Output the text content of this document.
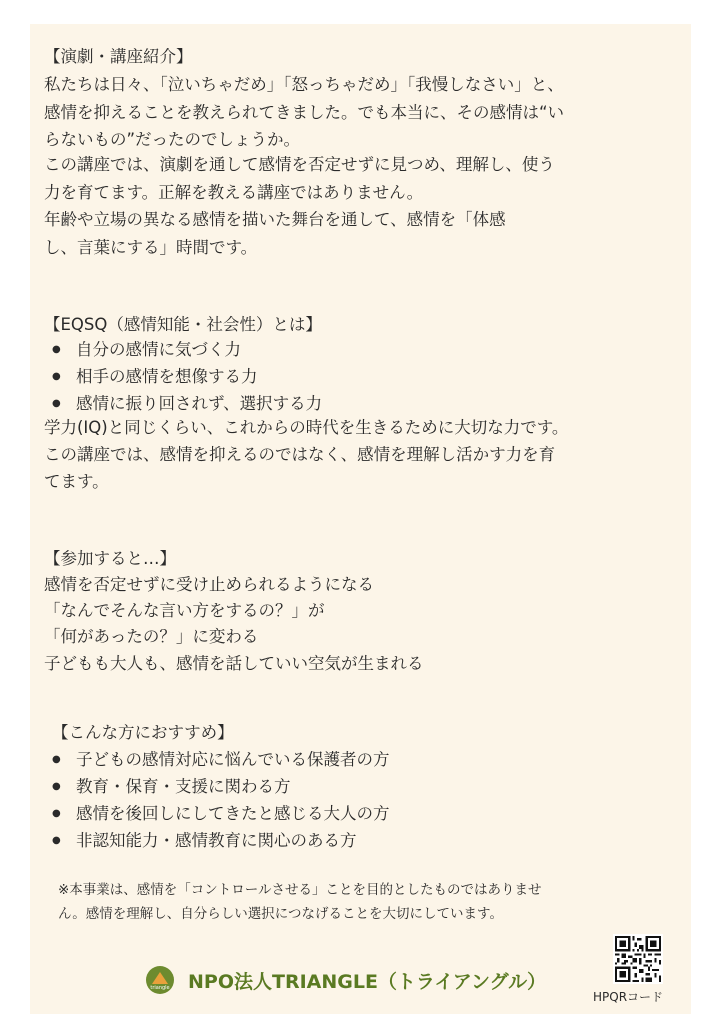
【演劇・講座紹介】

私たちは日々、「泣いちゃだめ」「怒っちゃだめ」「我慢しなさい」と、

感情を抑えることを教えられてきました。でも本当に、その感情は“い

らないもの”だったのでしょうか。

この講座では、演劇を通して感情を否定せずに見つめ、理解し、使う

力を育てます。正解を教える講座ではありません。

年齢や立場の異なる感情を描いた舞台を通して、感情を「体感

し、言葉にする」時間です。

【EQSQ（感情知能・社会性）とは】

● 自分の感情に気づく力
● 相手の感情を想像する力
● 感情に振り回されず、選択する力

学力(IQ)と同じくらい、これからの時代を生きるために大切な力です。

この講座では、感情を抑えるのではなく、感情を理解し活かす力を育

てます。

【参加すると…】

感情を否定せずに受け止められるようになる

「なんでそんな言い方をするの？」が

「何があったの？」に変わる

子どもも大人も、感情を話していい空気が生まれる

【こんな方におすすめ】

● 子どもの感情対応に悩んでいる保護者の方
● 教育・保育・支援に関わる方
● 感情を後回しにしてきたと感じる大人の方
● 非認知能力・感情教育に関心のある方
※本事業は、感情を「コントロールさせる」ことを目的としたものではありませ
ん。感情を理解し、自分らしい選択につなげることを大切にしています。
triangle NPO法人TRIANGLE（トライアングル）
HPQRコード
